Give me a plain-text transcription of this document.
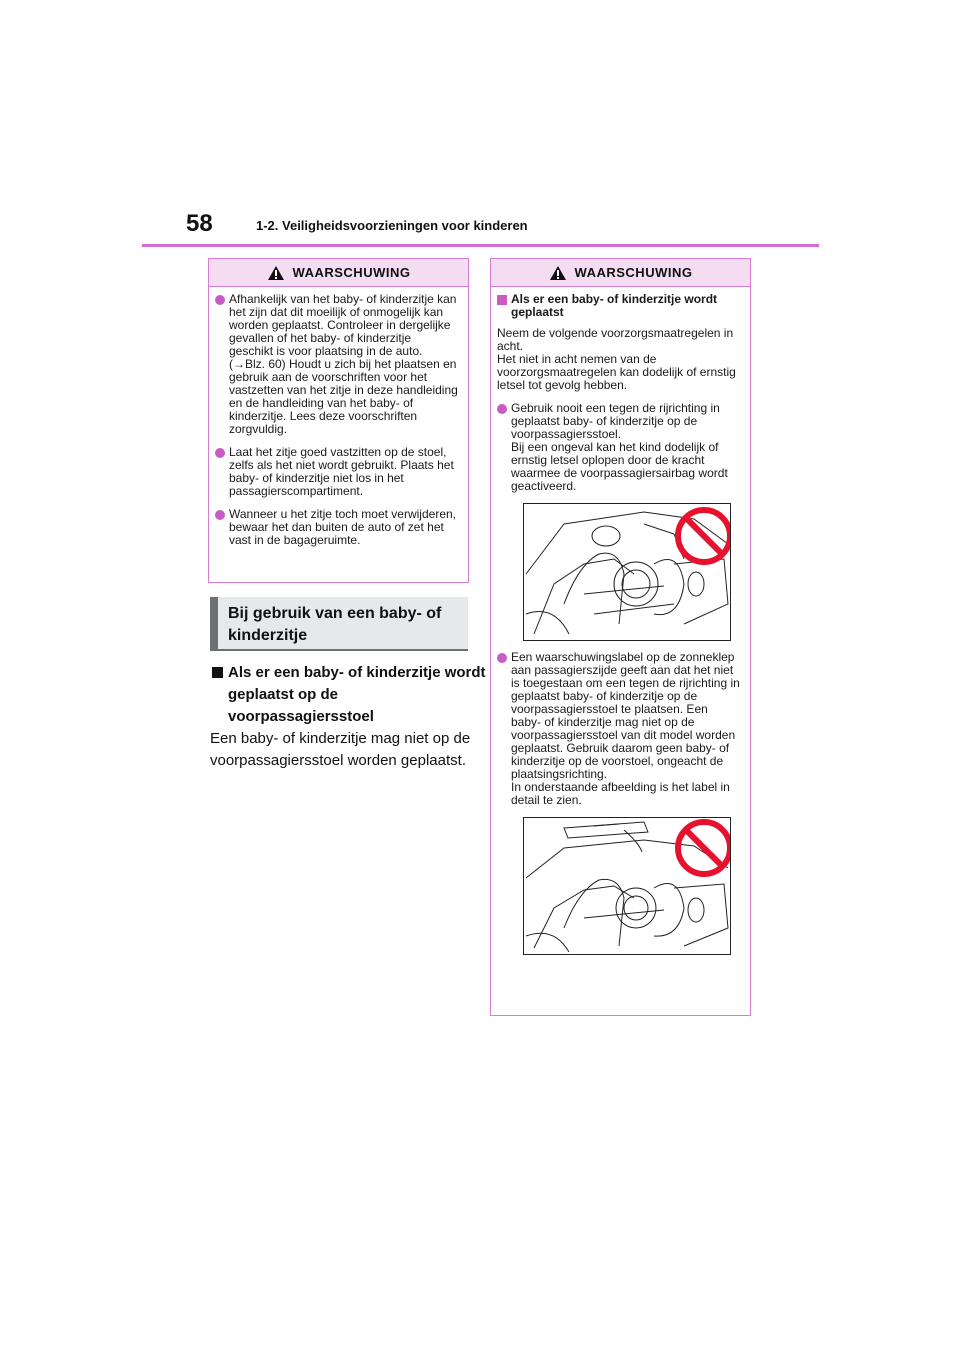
58	1-2. Veiligheidsvoorzieningen voor kinderen
WAARSCHUWING

Afhankelijk van het baby- of kinderzitje kan het zijn dat dit moeilijk of onmogelijk kan worden geplaatst. Controleer in dergelijke gevallen of het baby- of kinderzitje geschikt is voor plaatsing in de auto. (→Blz. 60) Houdt u zich bij het plaatsen en gebruik aan de voorschriften voor het vastzetten van het zitje in deze handleiding en de handleiding van het baby- of kinderzitje. Lees deze voorschriften zorgvuldig.

Laat het zitje goed vastzitten op de stoel, zelfs als het niet wordt gebruikt. Plaats het baby- of kinderzitje niet los in het passagierscompartiment.

Wanneer u het zitje toch moet verwijderen, bewaar het dan buiten de auto of zet het vast in de bagageruimte.

Bij gebruik van een baby- of kinderzitje
Als er een baby- of kinderzitje wordt geplaatst op de voorpassagiersstoel
Een baby- of kinderzitje mag niet op de voorpassagiersstoel worden geplaatst.
WAARSCHUWING
Als er een baby- of kinderzitje wordt geplaatst

Neem de volgende voorzorgsmaatregelen in acht.

Het niet in acht nemen van de voorzorgsmaatregelen kan dodelijk of ernstig letsel tot gevolg hebben.

Gebruik nooit een tegen de rijrichting in geplaatst baby- of kinderzitje op de voorpassagiersstoel.

Bij een ongeval kan het kind dodelijk of ernstig letsel oplopen door de kracht waarmee de voorpassagiersairbag wordt geactiveerd.

Een waarschuwingslabel op de zonneklep aan passagierszijde geeft aan dat het niet is toegestaan om een tegen de rijrichting in geplaatst baby- of kinderzitje op de voorpassagiersstoel te plaatsen. Een baby- of kinderzitje mag niet op de voorpassagiersstoel van dit model worden geplaatst. Gebruik daarom geen baby- of kinderzitje op de voorstoel, ongeacht de plaatsingsrichting.

In onderstaande afbeelding is het label in detail te zien.
